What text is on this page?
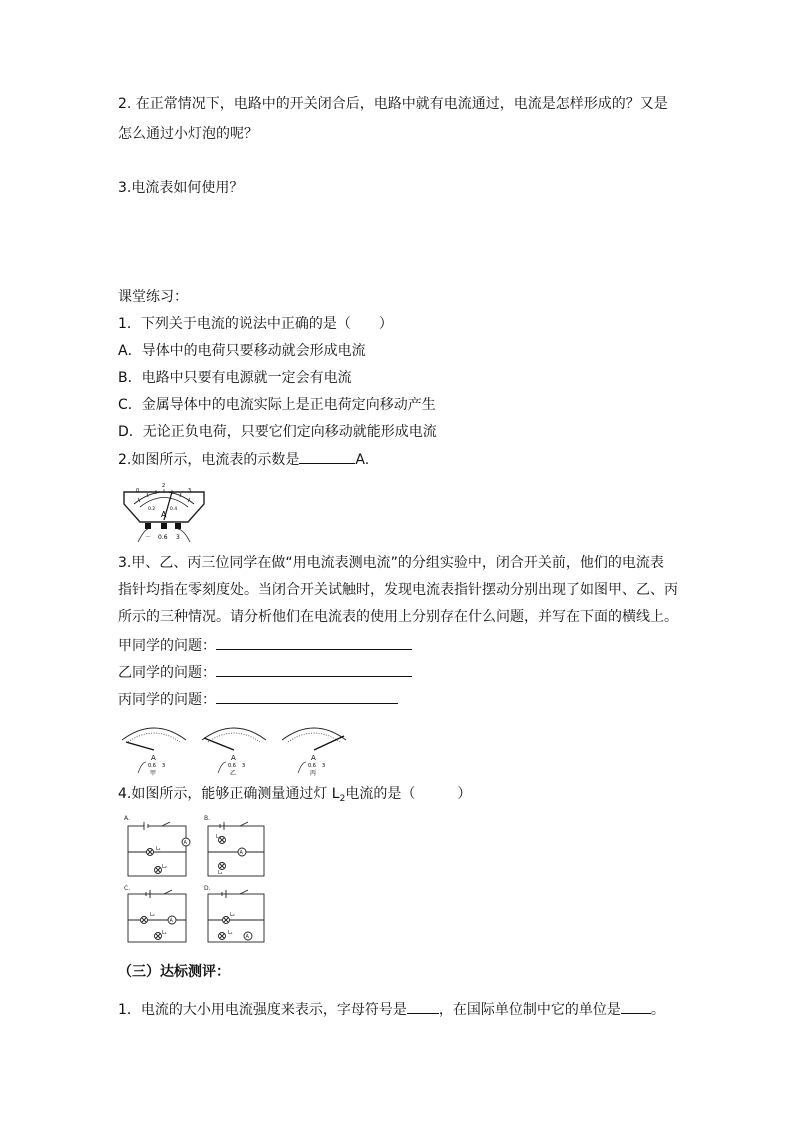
2. 在正常情况下，电路中的开关闭合后，电路中就有电流通过，电流是怎样形成的？又是
怎么通过小灯泡的呢？
3.电流表如何使用？
课堂练习：
1．下列关于电流的说法中正确的是（　　）
A．导体中的电荷只要移动就会形成电流
B．电路中只要有电源就一定会有电流
C．金属导体中的电流实际上是正电荷定向移动产生
D．无论正负电荷，只要它们定向移动就能形成电流
2.如图所示，电流表的示数是	A.
0
2
3
0.2	0.4
A
－ 0.6 3
3.甲、乙、丙三位同学在做“用电流表测电流”的分组实验中，闭合开关前，他们的电流表
指针均指在零刻度处。当闭合开关试触时，发现电流表指针摆动分别出现了如图甲、乙、丙
所示的三种情况。请分析他们在电流表的使用上分别存在什么问题，并写在下面的横线上。
甲同学的问题：
乙同学的问题：
丙同学的问题：
A
0.6 3
甲
A
0.6 3
乙
A
0.6 3
丙
4.如图所示，能够正确测量通过灯 $L_2$电流的是（　　　）
A.	B.
C.	D.
A
A
A
A
L₁
L₂
L₂
L₁
L₂
L₁
L₂
L₁
（三）达标测评：
1．电流的大小用电流强度来表示，字母符号是 ，在国际单位制中它的单位是 。
